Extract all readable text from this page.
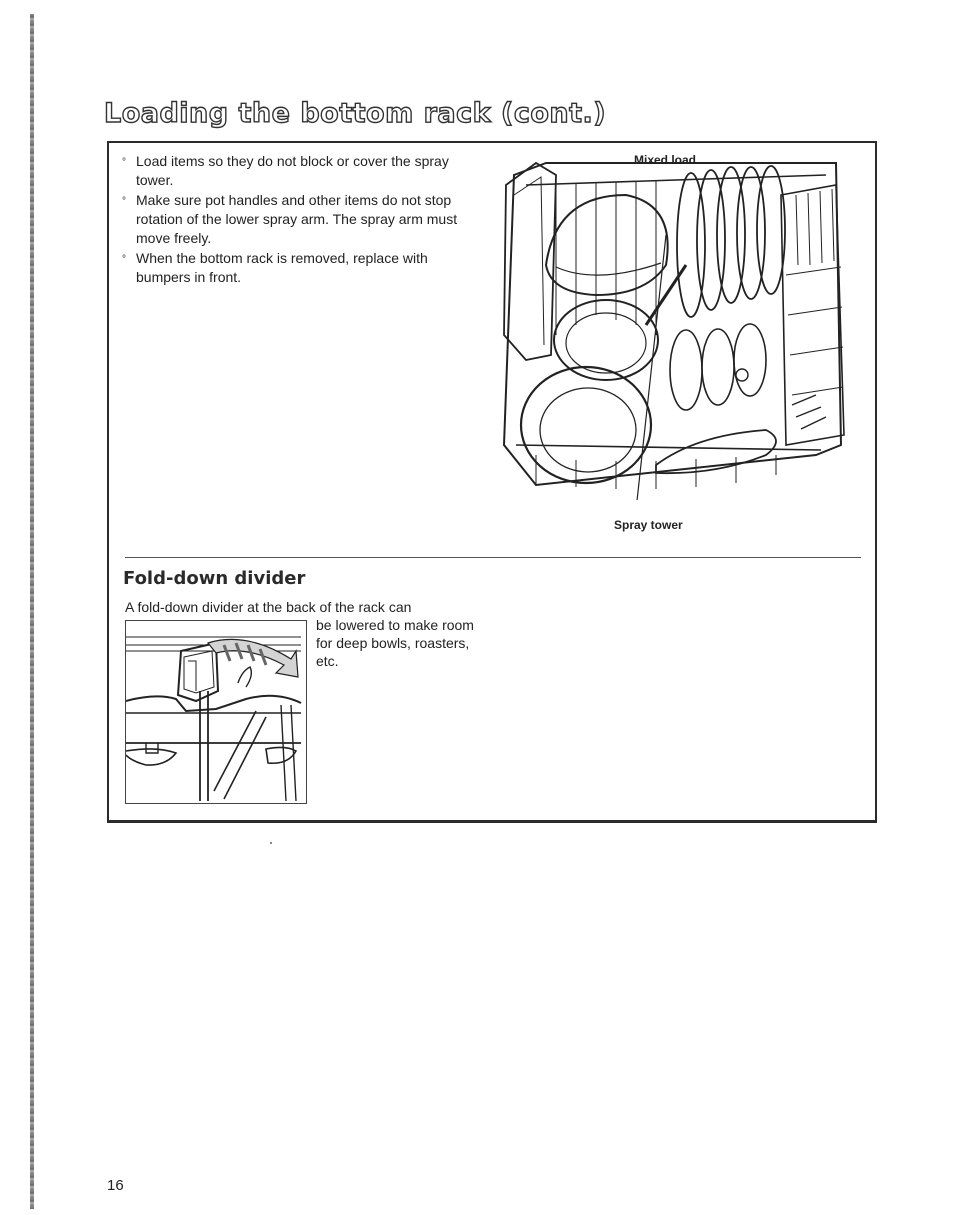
Loading the bottom rack (cont.)
° Load items so they do not block or cover the spray tower.
° Make sure pot handles and other items do not stop rotation of the lower spray arm. The spray arm must move freely.
° When the bottom rack is removed, replace with bumpers in front.
Mixed load
Spray tower
Fold-down divider
A fold-down divider at the back of the rack can
be lowered to make room for deep bowls, roasters, etc.
16
